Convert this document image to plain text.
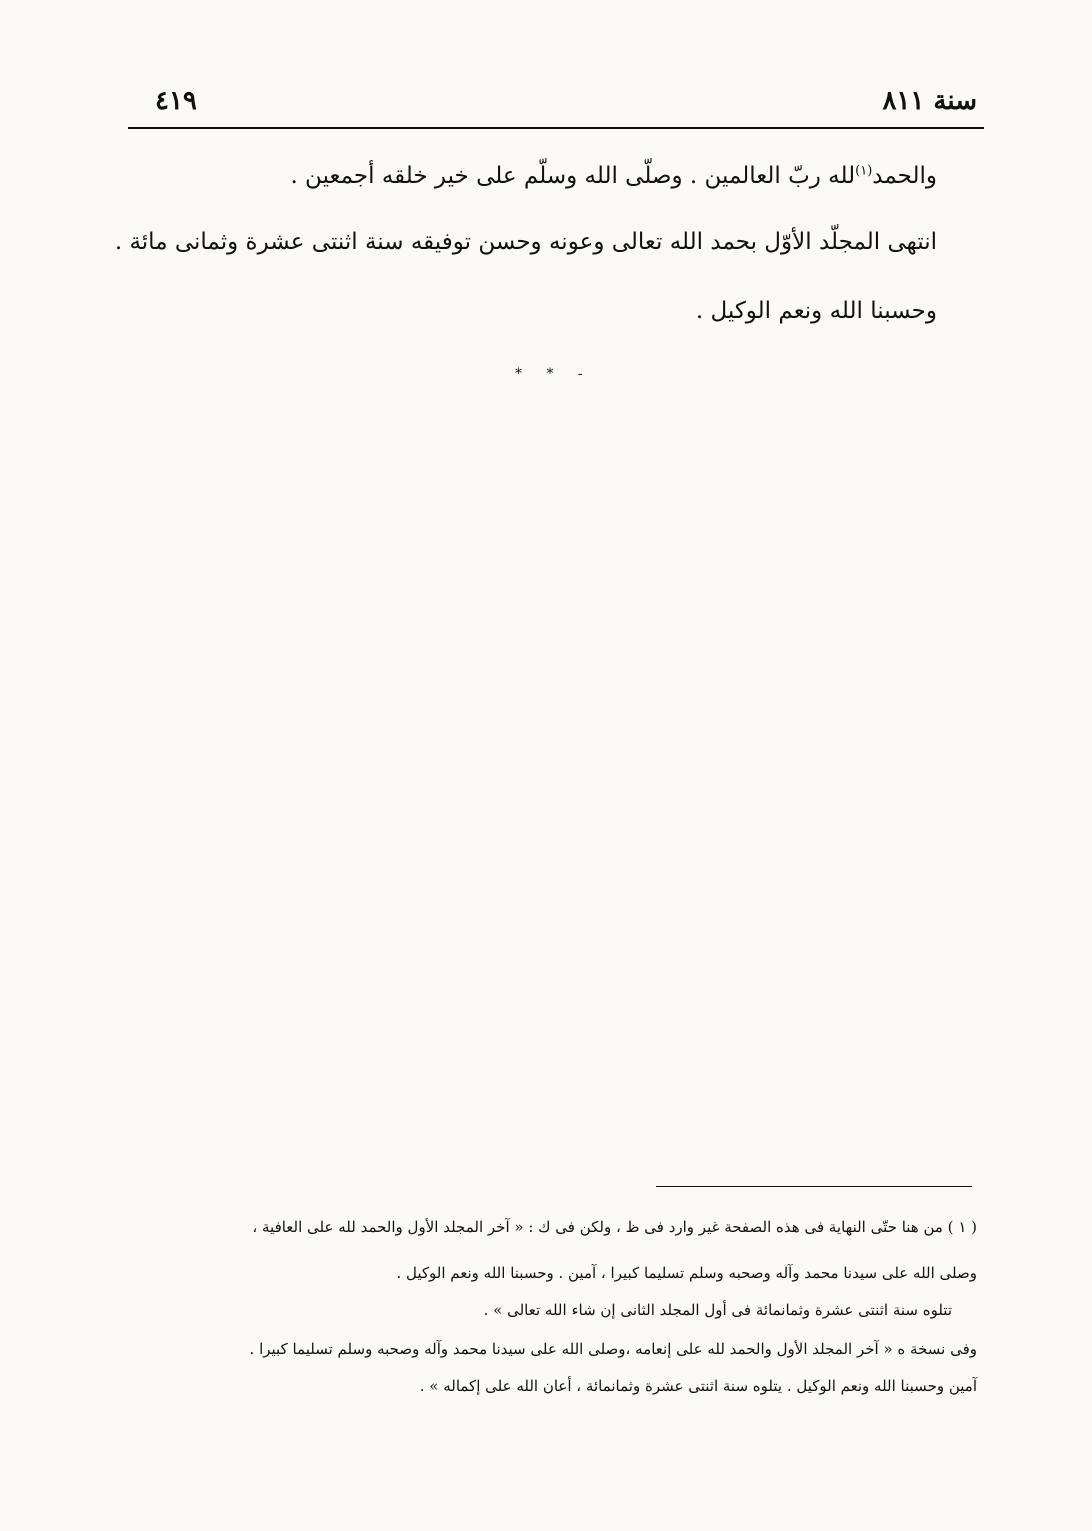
سنة ٨١١
٤١٩
والحمد$^{(١)}$لله ربّ العالمين . وصلّى الله وسلّم على خير خلقه أجمعين .
انتهى المجلّد الأوّل بحمد الله تعالى وعونه وحسن توفيقه سنة اثنتى عشرة وثمانى مائة .
وحسبنا الله ونعم الوكيل .
* * -
( ١ ) من هنا حتّى النهاية فى هذه الصفحة غير وارد فى ظ ، ولكن فى ك : « آخر المجلد الأول والحمد لله على العافية ،
وصلى الله على سيدنا محمد وآله وصحبه وسلم تسليما كبيرا ، آمين . وحسبنا الله ونعم الوكيل .
تتلوه سنة اثنتى عشرة وثمانمائة فى أول المجلد الثانى إن شاء الله تعالى » .
وفى نسخة ه « آخر المجلد الأول والحمد لله على إنعامه ،وصلى الله على سيدنا محمد وآله وصحبه وسلم تسليما كبيرا .
آمين وحسبنا الله ونعم الوكيل . يتلوه سنة اثنتى عشرة وثمانمائة ، أعان الله على إكماله » .
